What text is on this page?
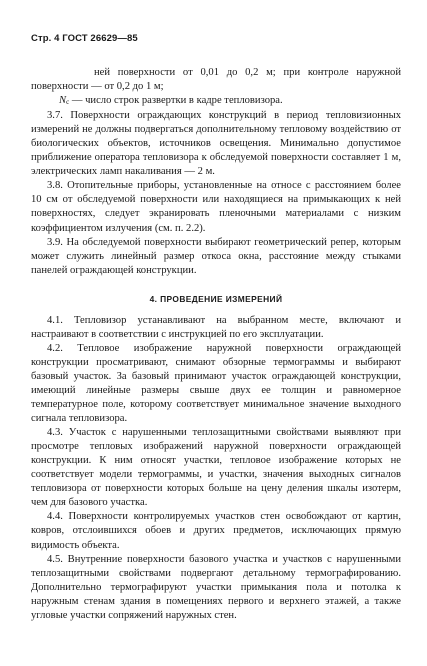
Стр. 4 ГОСТ 26629—85

ней поверхности от 0,01 до 0,2 м; при контроле наружной поверхности — от 0,2 до 1 м;

Nс — число строк развертки в кадре тепловизора.

3.7. Поверхности ограждающих конструкций в период тепловизионных измерений не должны подвергаться дополнительному тепловому воздействию от биологических объектов, источников освещения. Минимально допустимое приближение оператора тепловизора к обследуемой поверхности составляет 1 м, электрических ламп накаливания — 2 м.

3.8. Отопительные приборы, установленные на относе с расстоянием более 10 см от обследуемой поверхности или находящиеся на примыкающих к ней поверхностях, следует экранировать пленочными материалами с низким коэффициентом излучения (см. п. 2.2).

3.9. На обследуемой поверхности выбирают геометрический репер, которым может служить линейный размер откоса окна, расстояние между стыками панелей ограждающей конструкции.

4. ПРОВЕДЕНИЕ ИЗМЕРЕНИЙ

4.1. Тепловизор устанавливают на выбранном месте, включают и настраивают в соответствии с инструкцией по его эксплуатации.

4.2. Тепловое изображение наружной поверхности ограждающей конструкции просматривают, снимают обзорные термограммы и выбирают базовый участок. За базовый принимают участок ограждающей конструкции, имеющий линейные размеры свыше двух ее толщин и равномерное температурное поле, которому соответствует минимальное значение выходного сигнала тепловизора.

4.3. Участок с нарушенными теплозащитными свойствами выявляют при просмотре тепловых изображений наружной поверхности ограждающей конструкции. К ним относят участки, тепловое изображение которых не соответствует модели термограммы, и участки, значения выходных сигналов тепловизора от поверхности которых больше на цену деления шкалы изотерм, чем для базового участка.

4.4. Поверхности контролируемых участков стен освобождают от картин, ковров, отслоившихся обоев и других предметов, исключающих прямую видимость объекта.

4.5. Внутренние поверхности базового участка и участков с нарушенными теплозащитными свойствами подвергают детальному термографированию. Дополнительно термографируют участки примыкания пола и потолка к наружным стенам здания в помещениях первого и верхнего этажей, а также угловые участки сопряжений наружных стен.
